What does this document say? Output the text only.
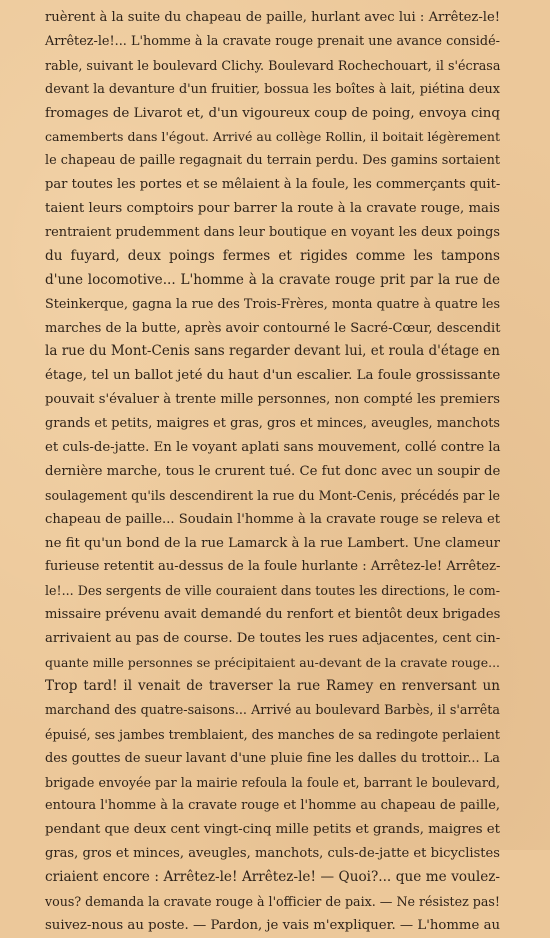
ruèrent à la suite du chapeau de paille, hurlant avec lui : Arrêtez-le!
Arrêtez-le!... L'homme à la cravate rouge prenait une avance considé-
rable, suivant le boulevard Clichy. Boulevard Rochechouart, il s'écrasa
devant la devanture d'un fruitier, bossua les boîtes à lait, piétina deux
fromages de Livarot et, d'un vigoureux coup de poing, envoya cinq
camemberts dans l'égout. Arrivé au collège Rollin, il boitait légèrement
le chapeau de paille regagnait du terrain perdu. Des gamins sortaient
par toutes les portes et se mêlaient à la foule, les commerçants quit-
taient leurs comptoirs pour barrer la route à la cravate rouge, mais
rentraient prudemment dans leur boutique en voyant les deux poings
du fuyard, deux poings fermes et rigides comme les tampons
d'une locomotive... L'homme à la cravate rouge prit par la rue de
Steinkerque, gagna la rue des Trois-Frères, monta quatre à quatre les
marches de la butte, après avoir contourné le Sacré-Cœur, descendit
la rue du Mont-Cenis sans regarder devant lui, et roula d'étage en
étage, tel un ballot jeté du haut d'un escalier. La foule grossissante
pouvait s'évaluer à trente mille personnes, non compté les premiers
grands et petits, maigres et gras, gros et minces, aveugles, manchots
et culs-de-jatte. En le voyant aplati sans mouvement, collé contre la
dernière marche, tous le crurent tué. Ce fut donc avec un soupir de
soulagement qu'ils descendirent la rue du Mont-Cenis, précédés par le
chapeau de paille... Soudain l'homme à la cravate rouge se releva et
ne fit qu'un bond de la rue Lamarck à la rue Lambert. Une clameur
furieuse retentit au-dessus de la foule hurlante : Arrêtez-le! Arrêtez-
le!... Des sergents de ville couraient dans toutes les directions, le com-
missaire prévenu avait demandé du renfort et bientôt deux brigades
arrivaient au pas de course. De toutes les rues adjacentes, cent cin-
quante mille personnes se précipitaient au-devant de la cravate rouge...
Trop tard! il venait de traverser la rue Ramey en renversant un
marchand des quatre-saisons... Arrivé au boulevard Barbès, il s'arrêta
épuisé, ses jambes tremblaient, des manches de sa redingote perlaient
des gouttes de sueur lavant d'une pluie fine les dalles du trottoir... La
brigade envoyée par la mairie refoula la foule et, barrant le boulevard,
entoura l'homme à la cravate rouge et l'homme au chapeau de paille,
pendant que deux cent vingt-cinq mille petits et grands, maigres et
gras, gros et minces, aveugles, manchots, culs-de-jatte et bicyclistes
criaient encore : Arrêtez-le! Arrêtez-le! — Quoi?... que me voulez-
vous? demanda la cravate rouge à l'officier de paix. — Ne résistez pas!
suivez-nous au poste. — Pardon, je vais m'expliquer. — L'homme au
